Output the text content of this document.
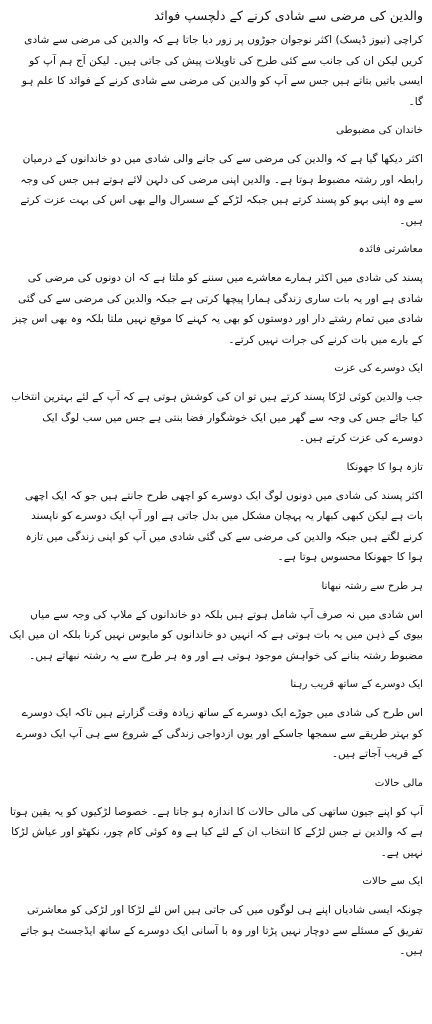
والدین کی مرضی سے شادی کرنے کے دلچسپ فوائد

کراچی (نیوز ڈیسک) اکثر نوجوان جوڑوں پر زور دیا جاتا ہے کہ والدین کی مرضی سے شادی کریں لیکن ان کی جانب سے کئی طرح کی تاویلات پیش کی جاتی ہیں۔ لیکن آج ہم آپ کو ایسی باتیں بتاتے ہیں جس سے آپ کو والدین کی مرضی سے شادی کرنے کے فوائد کا علم ہو گا۔

خاندان کی مضبوطی

اکثر دیکھا گیا ہے کہ والدین کی مرضی سے کی جانے والی شادی میں دو خاندانوں کے درمیان رابطہ اور رشتہ مضبوط ہوتا ہے۔ والدین اپنی مرضی کی دلہن لائے ہوتے ہیں جس کی وجہ سے وہ اپنی بہو کو پسند کرتے ہیں جبکہ لڑکے کے سسرال والے بھی اس کی بہت عزت کرتے ہیں۔

معاشرتی فائدہ

پسند کی شادی میں اکثر ہمارے معاشرے میں سننے کو ملتا ہے کہ ان دونوں کی مرضی کی شادی ہے اور یہ بات ساری زندگی ہمارا پیچھا کرتی ہے جبکہ والدین کی مرضی سے کی گئی شادی میں تمام رشتے دار اور دوستوں کو بھی یہ کہنے کا موقع نہیں ملتا بلکہ وہ بھی اس چیز کے بارے میں بات کرنے کی جرات نہیں کرتے۔

ایک دوسرے کی عزت

جب والدین کوئی لڑکا پسند کرتے ہیں تو ان کی کوشش ہوتی ہے کہ آپ کے لئے بہترین انتخاب کیا جائے جس کی وجہ سے گھر میں ایک خوشگوار فضا بنتی ہے جس میں سب لوگ ایک دوسرے کی عزت کرتے ہیں۔

تازہ ہوا کا جھونکا

اکثر پسند کی شادی میں دونوں لوگ ایک دوسرے کو اچھی طرح جانتے ہیں جو کہ ایک اچھی بات ہے لیکن کبھی کبھار یہ پہچان مشکل میں بدل جاتی ہے اور آپ ایک دوسرے کو ناپسند کرنے لگتے ہیں جبکہ والدین کی مرضی سے کی گئی شادی میں آپ کو اپنی زندگی میں تازہ ہوا کا جھونکا محسوس ہوتا ہے۔

ہر طرح سے رشتہ نبھانا

اس شادی میں نہ صرف آپ شامل ہوتے ہیں بلکہ دو خاندانوں کے ملاپ کی وجہ سے میاں بیوی کے ذہن میں یہ بات ہوتی ہے کہ انہیں دو خاندانوں کو مایوس نہیں کرنا بلکہ ان میں ایک مضبوط رشتہ بنانے کی خواہش موجود ہوتی ہے اور وہ ہر طرح سے یہ رشتہ نبھاتے ہیں۔

ایک دوسرے کے ساتھ قریب رہنا

اس طرح کی شادی میں جوڑے ایک دوسرے کے ساتھ زیادہ وقت گزارتے ہیں تاکہ ایک دوسرے کو بہتر طریقے سے سمجھا جاسکے اور یوں ازدواجی زندگی کے شروع سے ہی آپ ایک دوسرے کے قریب آجاتے ہیں۔

مالی حالات

آپ کو اپنے جیون ساتھی کی مالی حالات کا اندازہ ہو جاتا ہے۔ خصوصا لڑکیوں کو یہ یقین ہوتا ہے کہ والدین نے جس لڑکے کا انتخاب ان کے لئے کیا ہے وہ کوئی کام چور، نکھٹو اور عیاش لڑکا نہیں ہے۔

ایک سے حالات

چونکہ ایسی شادیاں اپنے ہی لوگوں میں کی جاتی ہیں اس لئے لڑکا اور لڑکی کو معاشرتی تفریق کے مسئلے سے دوچار نہیں پڑتا اور وہ با آسانی ایک دوسرے کے ساتھ ایڈجسٹ ہو جاتے ہیں۔
